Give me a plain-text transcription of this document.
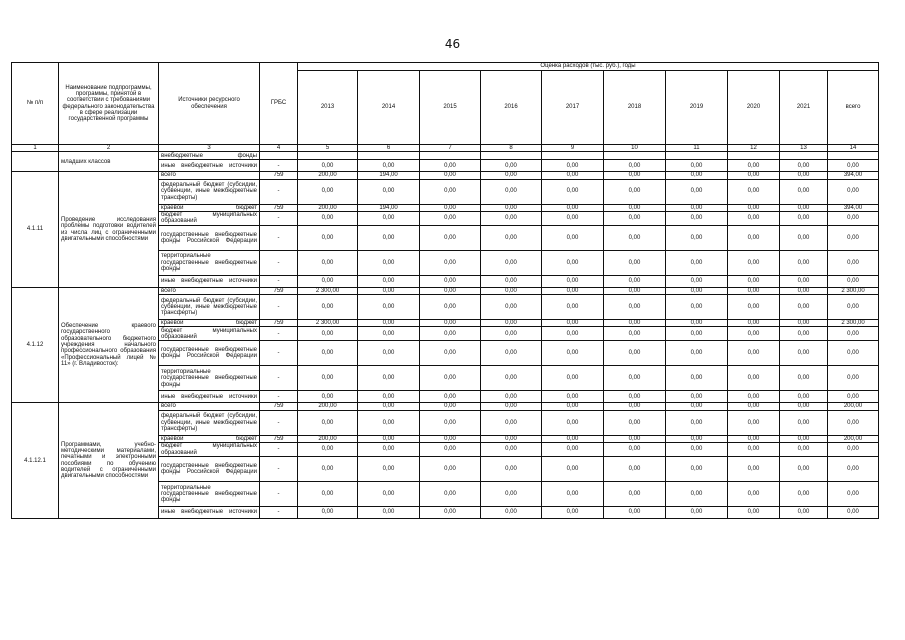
46
№ п/п	Наименование подпрограммы, программы, принятой в соответствии с требованиями федерального законодательства в сфере реализации государственной программы	Источники ресурсного обеспечения	ГРБС	Оценка расходов (тыс. руб.), годы									
				2013	2014	2015	2016	2017	2018	2019	2020	2021	всего
1	2	3	4	5	6	7	8	9	10	11	12	13	14
	младших классов	внебюджетные фонды											
		иные внебюджетные источники	-	0,00	0,00	0,00	0,00	0,00	0,00	0,00	0,00	0,00	0,00
4.1.11	Проведение исследования проблемы подготовки водителей из числа лиц с ограниченными двигательными способностями	всего	759	200,00	194,00	0,00	0,00	0,00	0,00	0,00	0,00	0,00	394,00
		федеральный бюджет (субсидии, субвенции, иные межбюджетные трансферты)	-	0,00	0,00	0,00	0,00	0,00	0,00	0,00	0,00	0,00	0,00
		краевой бюджет	759	200,00	194,00	0,00	0,00	0,00	0,00	0,00	0,00	0,00	394,00
		бюджет муниципальных образований	-	0,00	0,00	0,00	0,00	0,00	0,00	0,00	0,00	0,00	0,00
		государственные внебюджетные фонды Российской Федерации	-	0,00	0,00	0,00	0,00	0,00	0,00	0,00	0,00	0,00	0,00
		территориальные государственные внебюджетные фонды	-	0,00	0,00	0,00	0,00	0,00	0,00	0,00	0,00	0,00	0,00
		иные внебюджетные источники	-	0,00	0,00	0,00	0,00	0,00	0,00	0,00	0,00	0,00	0,00
4.1.12	Обеспечение краевого государственного образовательного бюджетного учреждения начального профессионального образования «Профессиональный лицей № 11» (г. Владивосток):	всего	759	2 300,00	0,00	0,00	0,00	0,00	0,00	0,00	0,00	0,00	2 300,00
		федеральный бюджет (субсидии, субвенции, иные межбюджетные трансферты)	-	0,00	0,00	0,00	0,00	0,00	0,00	0,00	0,00	0,00	0,00
		краевой бюджет	759	2 300,00	0,00	0,00	0,00	0,00	0,00	0,00	0,00	0,00	2 300,00
		бюджет муниципальных образований	-	0,00	0,00	0,00	0,00	0,00	0,00	0,00	0,00	0,00	0,00
		государственные внебюджетные фонды Российской Федерации	-	0,00	0,00	0,00	0,00	0,00	0,00	0,00	0,00	0,00	0,00
		территориальные государственные внебюджетные фонды	-	0,00	0,00	0,00	0,00	0,00	0,00	0,00	0,00	0,00	0,00
		иные внебюджетные источники	-	0,00	0,00	0,00	0,00	0,00	0,00	0,00	0,00	0,00	0,00
4.1.12.1	Программами, учебно-методическими материалами, печатными и электронными пособиями по обучению водителей с ограниченными двигательными способностями	всего	759	200,00	0,00	0,00	0,00	0,00	0,00	0,00	0,00	0,00	200,00
		федеральный бюджет (субсидии, субвенции, иные межбюджетные трансферты)	-	0,00	0,00	0,00	0,00	0,00	0,00	0,00	0,00	0,00	0,00
		краевой бюджет	759	200,00	0,00	0,00	0,00	0,00	0,00	0,00	0,00	0,00	200,00
		бюджет муниципальных образований	-	0,00	0,00	0,00	0,00	0,00	0,00	0,00	0,00	0,00	0,00
		государственные внебюджетные фонды Российской Федерации	-	0,00	0,00	0,00	0,00	0,00	0,00	0,00	0,00	0,00	0,00
		территориальные государственные внебюджетные фонды	-	0,00	0,00	0,00	0,00	0,00	0,00	0,00	0,00	0,00	0,00
		иные внебюджетные источники	-	0,00	0,00	0,00	0,00	0,00	0,00	0,00	0,00	0,00	0,00
